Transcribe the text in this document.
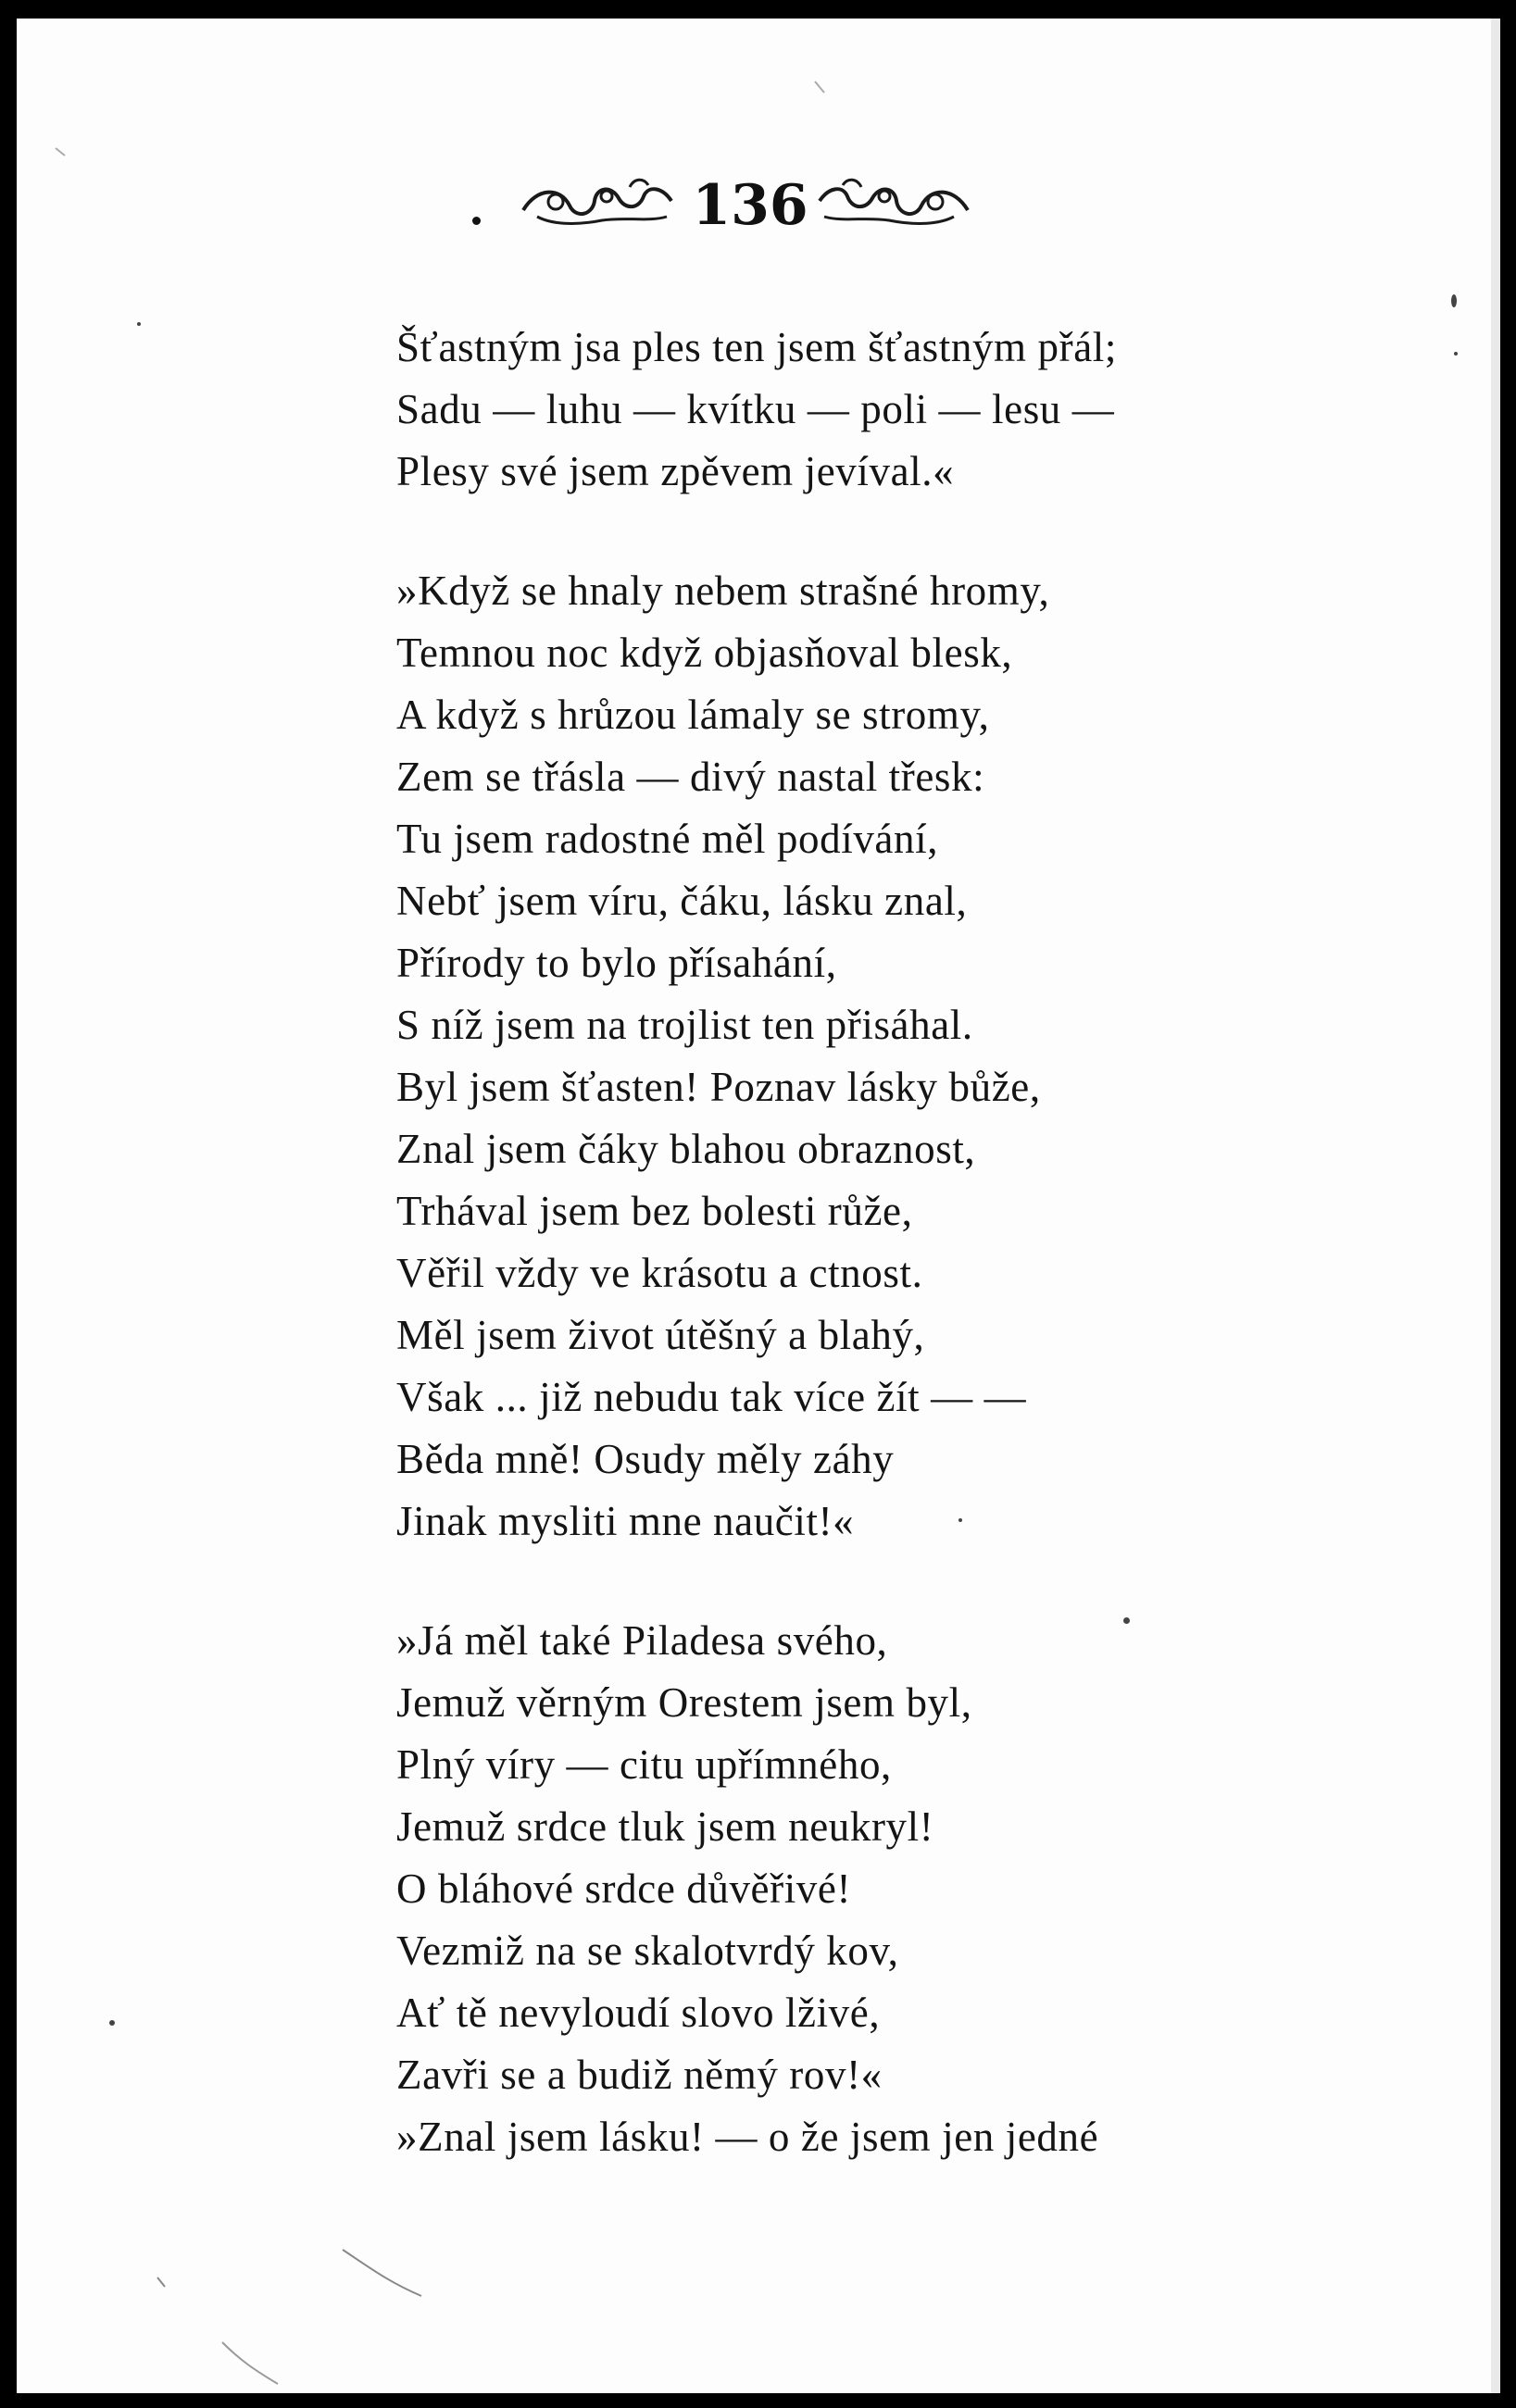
136
Šťastným jsa ples ten jsem šťastným přál;
Sadu — luhu — kvítku — poli — lesu —
Plesy své jsem zpěvem jevíval.«
»Když se hnaly nebem strašné hromy,
Temnou noc když objasňoval blesk,
A když s hrůzou lámaly se stromy,
Zem se třásla — divý nastal třesk:
Tu jsem radostné měl podívání,
Nebť jsem víru, čáku, lásku znal,
Přírody to bylo přísahání,
S níž jsem na trojlist ten přisáhal.
Byl jsem šťasten! Poznav lásky bůže,
Znal jsem čáky blahou obraznost,
Trhával jsem bez bolesti růže,
Věřil vždy ve krásotu a ctnost.
Měl jsem život útěšný a blahý,
Však ... již nebudu tak více žít — —
Běda mně! Osudy měly záhy
Jinak mysliti mne naučit!«
»Já měl také Piladesa svého,
Jemuž věrným Orestem jsem byl,
Plný víry — citu upřímného,
Jemuž srdce tluk jsem neukryl!
O bláhové srdce důvěřivé!
Vezmiž na se skalotvrdý kov,
Ať tě nevyloudí slovo lživé,
Zavři se a budiž němý rov!«
»Znal jsem lásku! — o že jsem jen jedné
